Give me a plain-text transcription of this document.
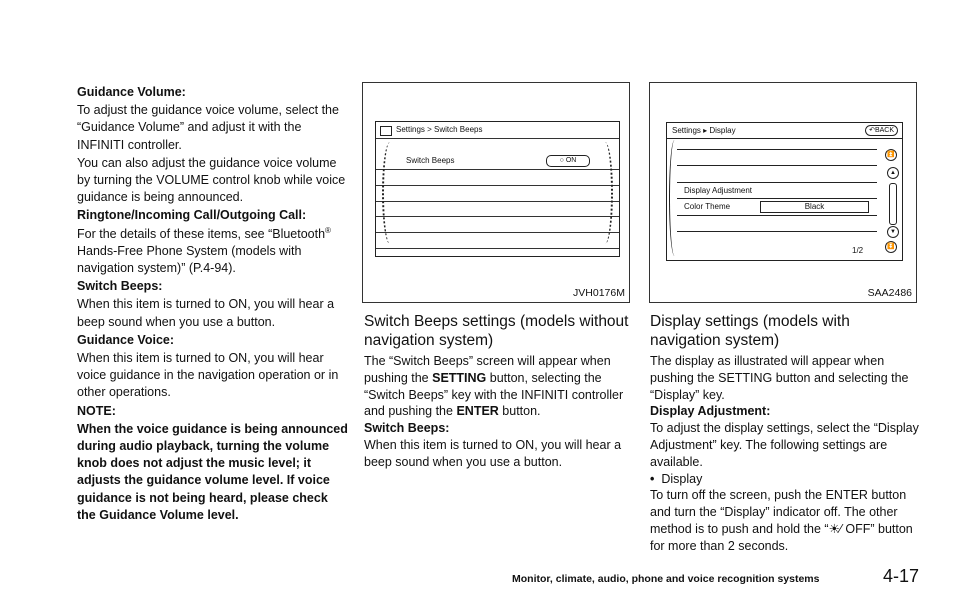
Guidance Volume:

To adjust the guidance voice volume, select the “Guidance Volume” and adjust it with the INFINITI controller.

You can also adjust the guidance voice volume by turning the VOLUME control knob while voice guidance is being announced.

Ringtone/Incoming Call/Outgoing Call:

For the details of these items, see “Bluetooth® Hands-Free Phone System (models with navigation system)” (P.4-94).

Switch Beeps:

When this item is turned to ON, you will hear a beep sound when you use a button.

Guidance Voice:

When this item is turned to ON, you will hear voice guidance in the navigation operation or in other operations.

NOTE:

When the voice guidance is being announced during audio playback, turning the volume knob does not adjust the music level; it adjusts the guidance volume level. If voice guidance is not being heard, please check the Guidance Volume level.

Settings > Switch Beeps
Switch Beeps	○ ON
JVH0176M

Switch Beeps settings (models without navigation system)

The “Switch Beeps” screen will appear when pushing the SETTING button, selecting the “Switch Beeps” key with the INFINITI controller and pushing the ENTER button.

Switch Beeps:

When this item is turned to ON, you will hear a beep sound when you use a button.

Settings ▸ Display	↶BACK
Display Adjustment
Color Theme	Black
1/2
⏫
▲
▼
⏬
SAA2486

Display settings (models with navigation system)

The display as illustrated will appear when pushing the SETTING button and selecting the “Display” key.

Display Adjustment:

To adjust the display settings, select the “Display Adjustment” key. The following settings are available.

• Display

To turn off the screen, push the ENTER button and turn the “Display” indicator off. The other method is to push and hold the “☀⁄ OFF” button for more than 2 seconds.

Monitor, climate, audio, phone and voice recognition systems	4-17
